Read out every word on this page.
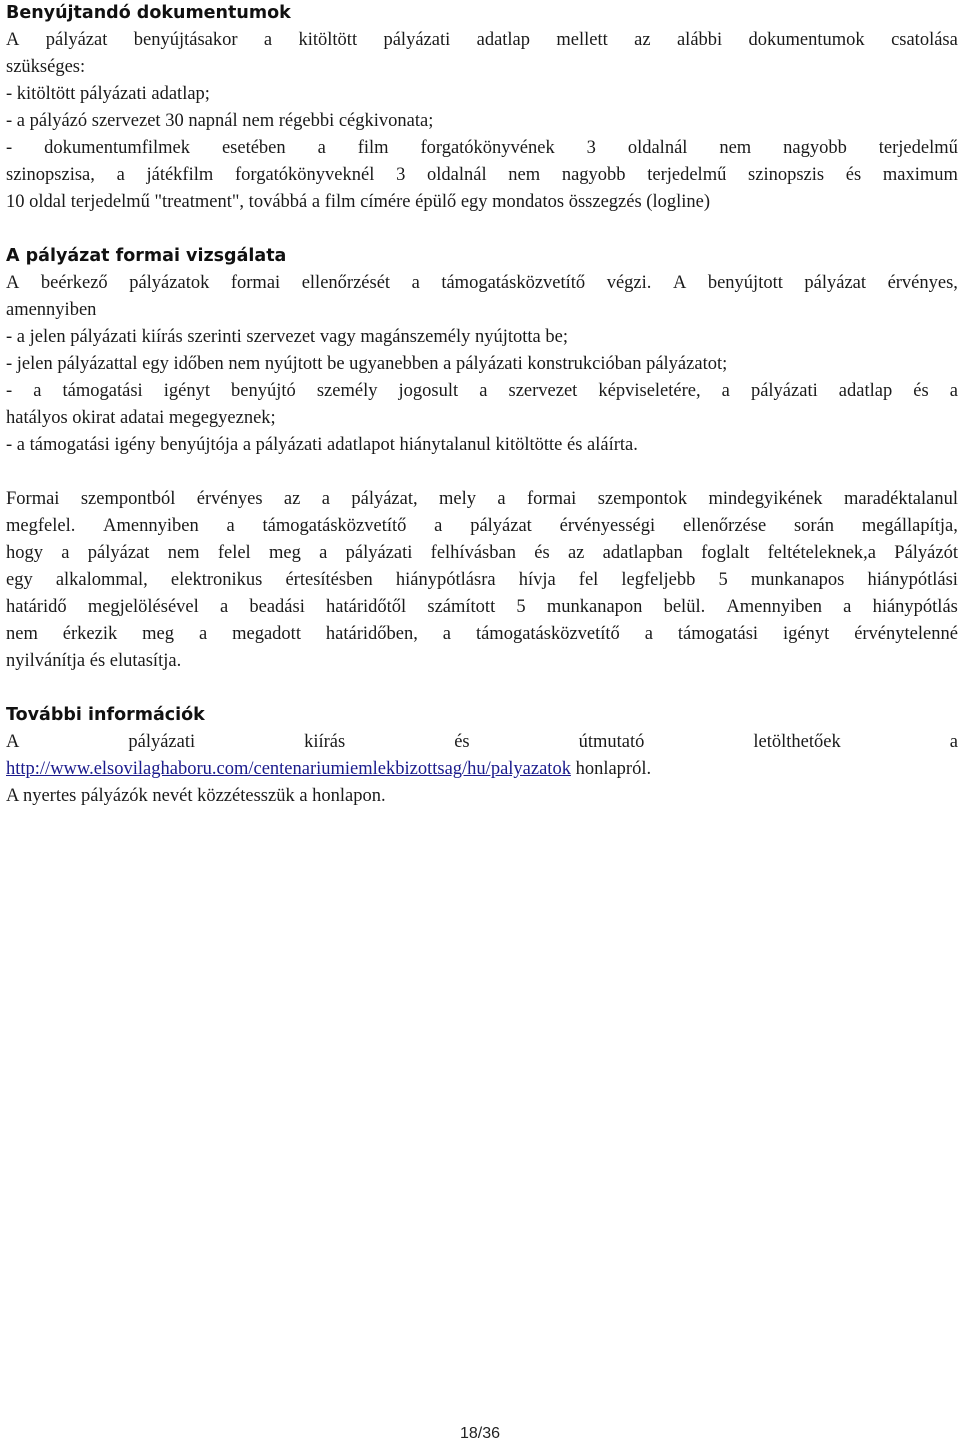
Benyújtandó dokumentumok

A pályázat benyújtásakor a kitöltött pályázati adatlap mellett az alábbi dokumentumok csatolása

szükséges:

- kitöltött pályázati adatlap;

- a pályázó szervezet 30 napnál nem régebbi cégkivonata;

- dokumentumfilmek esetében a film forgatókönyvének 3 oldalnál nem nagyobb terjedelmű

szinopszisa, a játékfilm forgatókönyveknél 3 oldalnál nem nagyobb terjedelmű szinopszis és maximum

10 oldal terjedelmű "treatment", továbbá a film címére épülő egy mondatos összegzés (logline)

A pályázat formai vizsgálata

A beérkező pályázatok formai ellenőrzését a támogatásközvetítő végzi. A benyújtott pályázat érvényes,

amennyiben

- a jelen pályázati kiírás szerinti szervezet vagy magánszemély nyújtotta be;

- jelen pályázattal egy időben nem nyújtott be ugyanebben a pályázati konstrukcióban pályázatot;

- a támogatási igényt benyújtó személy jogosult a szervezet képviseletére, a pályázati adatlap és a

hatályos okirat adatai megegyeznek;

- a támogatási igény benyújtója a pályázati adatlapot hiánytalanul kitöltötte és aláírta.

Formai szempontból érvényes az a pályázat, mely a formai szempontok mindegyikének maradéktalanul

megfelel. Amennyiben a támogatásközvetítő a pályázat érvényességi ellenőrzése során megállapítja,

hogy a pályázat nem felel meg a pályázati felhívásban és az adatlapban foglalt feltételeknek,a Pályázót

egy alkalommal, elektronikus értesítésben hiánypótlásra hívja fel legfeljebb 5 munkanapos hiánypótlási

határidő megjelölésével a beadási határidőtől számított 5 munkanapon belül. Amennyiben a hiánypótlás

nem érkezik meg a megadott határidőben, a támogatásközvetítő a támogatási igényt érvénytelenné

nyilvánítja és elutasítja.

További információk

A	pályázati	kiírás	és	útmutató	letölthetőek	a

http://www.elsovilaghaboru.com/centenariumiemlekbizottsag/hu/palyazatok honlapról.

A nyertes pályázók nevét közzétesszük a honlapon.

18/36
